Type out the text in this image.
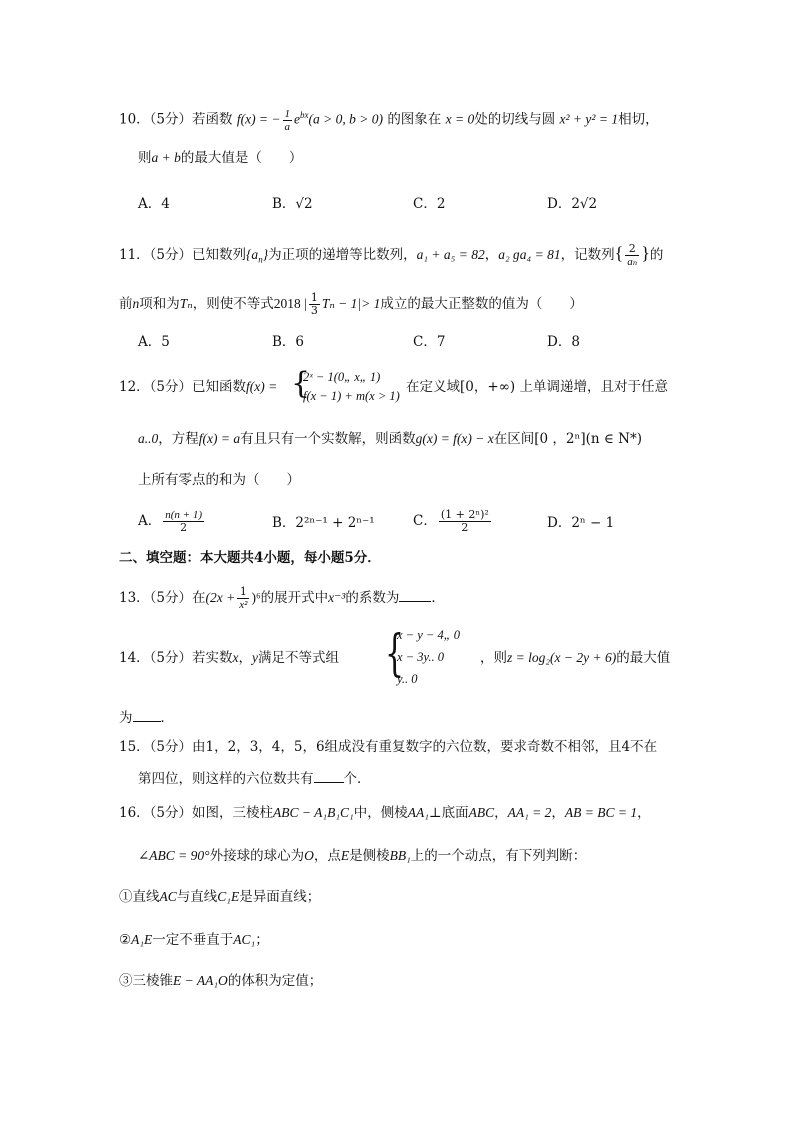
10．（5分）若函数 f(x) = − $\frac{1}{a} e^{bx}(a > 0$, b > 0) 的图象在 x = 0处的切线与圆 x² + y² = 1相切，
则a + b的最大值是（　　）
A．4	B．√2	C．2	D．2√2
11．（5分）已知数列$\{a_n\}$为正项的递增等比数列，a₁ + a₅ = 82，a₂ ɡa₄ = 81，记数列{ $\frac{2}{\text{aₙ}}$ }的
前n项和为Tₙ，则使不等式2018 | $\frac{1}{3}$ Tₙ − 1|> 1成立的最大正整数的值为（　　）
A．5	B．6	C．7	D．8
12．（5分）已知函数f(x) = {
2ˣ − 1(0„ x„ 1)
f(x − 1) + m(x > 1)
在定义域[0，+∞) 上单调递增，且对于任意
a..0，方程f(x) = a有且只有一个实数解，则函数g(x) = f(x) − x在区间[0 ，2ⁿ](n ∈ N*)
上所有零点的和为（　　）
A． $\frac{n(n + 1)}{2}$	B．2²ⁿ⁻¹ + 2ⁿ⁻¹	C． $\frac{\text{(1 + 2ⁿ)²}}{2}$	D．2ⁿ − 1
二、填空题：本大题共4小题，每小题5分．
13．（5分）在$(2x + \frac{1}{\text{x²}} )^6$的展开式中x⁻³的系数为 ．
14．（5分）若实数x，y满足不等式组 {
x − y − 4„ 0
x − 3y.. 0
y.. 0
，则z = log₂(x − 2y + 6)的最大值
为 ．
15．（5分）由1，2，3，4，5，6组成没有重复数字的六位数，要求奇数不相邻，且4不在
第四位，则这样的六位数共有 个．
16．（5分）如图，三棱柱ABC − A₁B₁C₁中，侧棱AA₁⊥底面ABC，AA₁ = 2，AB = BC = 1，
∠ABC = 90°外接球的球心为O，点E是侧棱BB₁上的一个动点，有下列判断：
①直线AC与直线C₁E是异面直线；
②A₁E一定不垂直于AC₁；
③三棱锥E − AA₁O的体积为定值；
